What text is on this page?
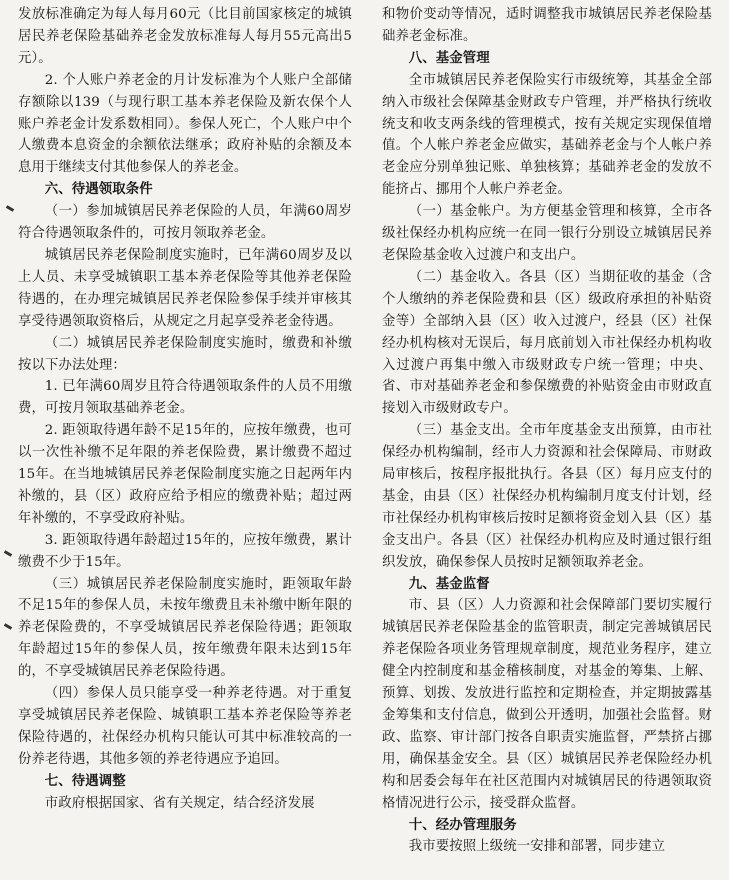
发放标准确定为每人每月60元（比目前国家核定的城镇居民养老保险基础养老金发放标准每人每月55元高出5元）。

2. 个人账户养老金的月计发标准为个人账户全部储存额除以139（与现行职工基本养老保险及新农保个人账户养老金计发系数相同）。参保人死亡，个人账户中个人缴费本息资金的余额依法继承；政府补贴的余额及本息用于继续支付其他参保人的养老金。

六、待遇领取条件

（一）参加城镇居民养老保险的人员，年满60周岁符合待遇领取条件的，可按月领取养老金。

城镇居民养老保险制度实施时，已年满60周岁及以上人员、未享受城镇职工基本养老保险等其他养老保险待遇的，在办理完城镇居民养老保险参保手续并审核其享受待遇领取资格后，从规定之月起享受养老金待遇。

（二）城镇居民养老保险制度实施时，缴费和补缴按以下办法处理：

1. 已年满60周岁且符合待遇领取条件的人员不用缴费，可按月领取基础养老金。

2. 距领取待遇年龄不足15年的，应按年缴费，也可以一次性补缴不足年限的养老保险费，累计缴费不超过15年。在当地城镇居民养老保险制度实施之日起两年内补缴的，县（区）政府应给予相应的缴费补贴；超过两年补缴的，不享受政府补贴。

3. 距领取待遇年龄超过15年的，应按年缴费，累计缴费不少于15年。

（三）城镇居民养老保险制度实施时，距领取年龄不足15年的参保人员，未按年缴费且未补缴中断年限的养老保险费的，不享受城镇居民养老保险待遇；距领取年龄超过15年的参保人员，按年缴费年限未达到15年的，不享受城镇居民养老保险待遇。

（四）参保人员只能享受一种养老待遇。对于重复享受城镇居民养老保险、城镇职工基本养老保险等养老保险待遇的，社保经办机构只能认可其中标准较高的一份养老待遇，其他多领的养老待遇应予追回。

七、待遇调整

市政府根据国家、省有关规定，结合经济发展

和物价变动等情况，适时调整我市城镇居民养老保险基础养老金标准。

八、基金管理

全市城镇居民养老保险实行市级统筹，其基金全部纳入市级社会保障基金财政专户管理，并严格执行统收统支和收支两条线的管理模式，按有关规定实现保值增值。个人帐户养老金应做实，基础养老金与个人帐户养老金应分别单独记账、单独核算；基础养老金的发放不能挤占、挪用个人帐户养老金。

（一）基金帐户。为方便基金管理和核算，全市各级社保经办机构应统一在同一银行分别设立城镇居民养老保险基金收入过渡户和支出户。

（二）基金收入。各县（区）当期征收的基金（含个人缴纳的养老保险费和县（区）级政府承担的补贴资金等）全部纳入县（区）收入过渡户，经县（区）社保经办机构核对无误后，每月底前划入市社保经办机构收入过渡户再集中缴入市级财政专户统一管理；中央、省、市对基础养老金和参保缴费的补贴资金由市财政直接划入市级财政专户。

（三）基金支出。全市年度基金支出预算，由市社保经办机构编制，经市人力资源和社会保障局、市财政局审核后，按程序报批执行。各县（区）每月应支付的基金，由县（区）社保经办机构编制月度支付计划，经市社保经办机构审核后按时足额将资金划入县（区）基金支出户。各县（区）社保经办机构应及时通过银行组织发放，确保参保人员按时足额领取养老金。

九、基金监督

市、县（区）人力资源和社会保障部门要切实履行城镇居民养老保险基金的监管职责，制定完善城镇居民养老保险各项业务管理规章制度，规范业务程序，建立健全内控制度和基金稽核制度，对基金的筹集、上解、预算、划拨、发放进行监控和定期检查，并定期披露基金筹集和支付信息，做到公开透明，加强社会监督。财政、监察、审计部门按各自职责实施监督，严禁挤占挪用，确保基金安全。县（区）城镇居民养老保险经办机构和居委会每年在社区范围内对城镇居民的待遇领取资格情况进行公示，接受群众监督。

十、经办管理服务

我市要按照上级统一安排和部署，同步建立
